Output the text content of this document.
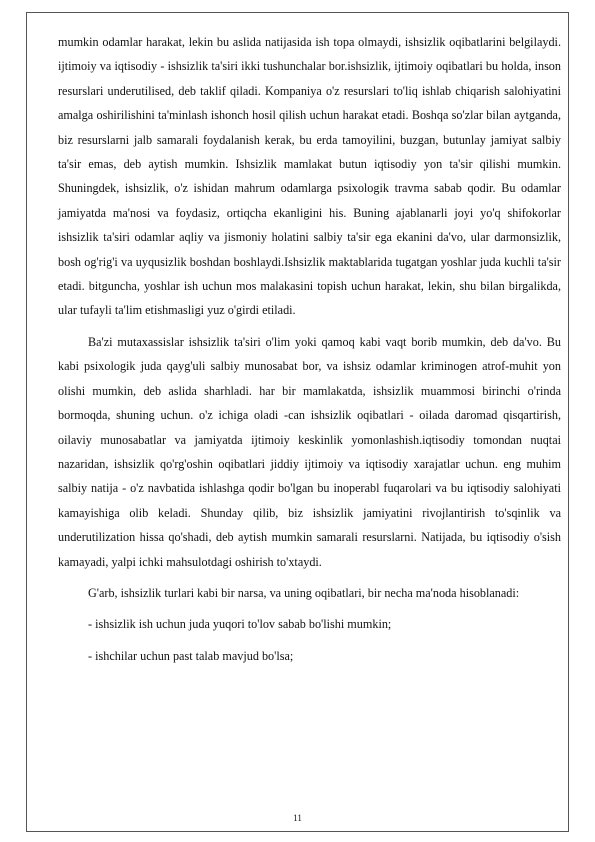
mumkin odamlar harakat, lekin bu aslida natijasida ish topa olmaydi, ishsizlik oqibatlarini belgilaydi. ijtimoiy va iqtisodiy - ishsizlik ta'siri ikki tushunchalar bor.ishsizlik, ijtimoiy oqibatlari bu holda, inson resurslari underutilised, deb taklif qiladi. Kompaniya o'z resurslari to'liq ishlab chiqarish salohiyatini amalga oshirilishini ta'minlash ishonch hosil qilish uchun harakat etadi. Boshqa so'zlar bilan aytganda, biz resurslarni jalb samarali foydalanish kerak, bu erda tamoyilini, buzgan, butunlay jamiyat salbiy ta'sir emas, deb aytish mumkin. Ishsizlik mamlakat butun iqtisodiy yon ta'sir qilishi mumkin. Shuningdek, ishsizlik, o'z ishidan mahrum odamlarga psixologik travma sabab qodir. Bu odamlar jamiyatda ma'nosi va foydasiz, ortiqcha ekanligini his. Buning ajablanarli joyi yo'q shifokorlar ishsizlik ta'siri odamlar aqliy va jismoniy holatini salbiy ta'sir ega ekanini da'vo, ular darmonsizlik, bosh og'rig'i va uyqusizlik boshdan boshlaydi.Ishsizlik maktablarida tugatgan yoshlar juda kuchli ta'sir etadi. bitguncha, yoshlar ish uchun mos malakasini topish uchun harakat, lekin, shu bilan birgalikda, ular tufayli ta'lim etishmasligi yuz o'girdi etiladi.

Ba'zi mutaxassislar ishsizlik ta'siri o'lim yoki qamoq kabi vaqt borib mumkin, deb da'vo. Bu kabi psixologik juda qayg'uli salbiy munosabat bor, va ishsiz odamlar kriminogen atrof-muhit yon olishi mumkin, deb aslida sharhladi. har bir mamlakatda, ishsizlik muammosi birinchi o'rinda bormoqda, shuning uchun. o'z ichiga oladi -can ishsizlik oqibatlari - oilada daromad qisqartirish, oilaviy munosabatlar va jamiyatda ijtimoiy keskinlik yomonlashish.iqtisodiy tomondan nuqtai nazaridan, ishsizlik qo'rg'oshin oqibatlari jiddiy ijtimoiy va iqtisodiy xarajatlar uchun. eng muhim salbiy natija - o'z navbatida ishlashga qodir bo'lgan bu inoperabl fuqarolari va bu iqtisodiy salohiyati kamayishiga olib keladi. Shunday qilib, biz ishsizlik jamiyatini rivojlantirish to'sqinlik va underutilization hissa qo'shadi, deb aytish mumkin samarali resurslarni. Natijada, bu iqtisodiy o'sish kamayadi, yalpi ichki mahsulotdagi oshirish to'xtaydi.

G'arb, ishsizlik turlari kabi bir narsa, va uning oqibatlari, bir necha ma'noda hisoblanadi:

- ishsizlik ish uchun juda yuqori to'lov sabab bo'lishi mumkin;

- ishchilar uchun past talab mavjud bo'lsa;

11
